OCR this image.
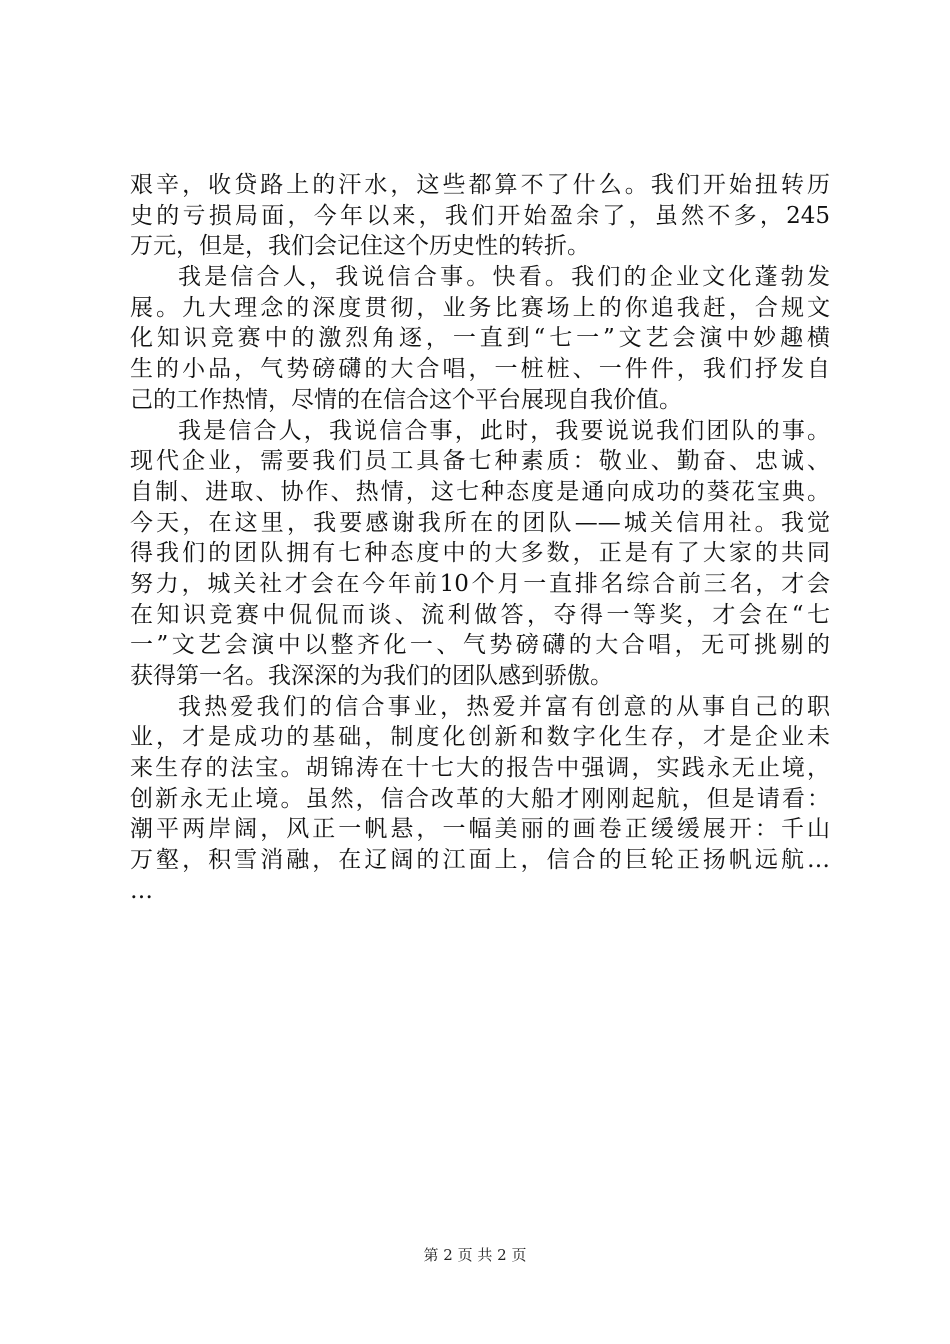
艰辛，收贷路上的汗水，这些都算不了什么。我们开始扭转历
史的亏损局面，今年以来，我们开始盈余了，虽然不多，245
万元，但是，我们会记住这个历史性的转折。
我是信合人，我说信合事。快看。我们的企业文化蓬勃发
展。九大理念的深度贯彻，业务比赛场上的你追我赶，合规文
化知识竞赛中的激烈角逐，一直到“七一”文艺会演中妙趣横
生的小品，气势磅礴的大合唱，一桩桩、一件件，我们抒发自
己的工作热情，尽情的在信合这个平台展现自我价值。
我是信合人，我说信合事，此时，我要说说我们团队的事。
现代企业，需要我们员工具备七种素质：敬业、勤奋、忠诚、
自制、进取、协作、热情，这七种态度是通向成功的葵花宝典。
今天，在这里，我要感谢我所在的团队——城关信用社。我觉
得我们的团队拥有七种态度中的大多数，正是有了大家的共同
努力，城关社才会在今年前10个月一直排名综合前三名，才会
在知识竞赛中侃侃而谈、流利做答，夺得一等奖，才会在“七
一”文艺会演中以整齐化一、气势磅礴的大合唱，无可挑剔的
获得第一名。我深深的为我们的团队感到骄傲。
我热爱我们的信合事业，热爱并富有创意的从事自己的职
业，才是成功的基础，制度化创新和数字化生存，才是企业未
来生存的法宝。胡锦涛在十七大的报告中强调，实践永无止境，
创新永无止境。虽然，信合改革的大船才刚刚起航，但是请看：
潮平两岸阔，风正一帆悬，一幅美丽的画卷正缓缓展开：千山
万壑，积雪消融，在辽阔的江面上，信合的巨轮正扬帆远航…
…
第 2 页 共 2 页
